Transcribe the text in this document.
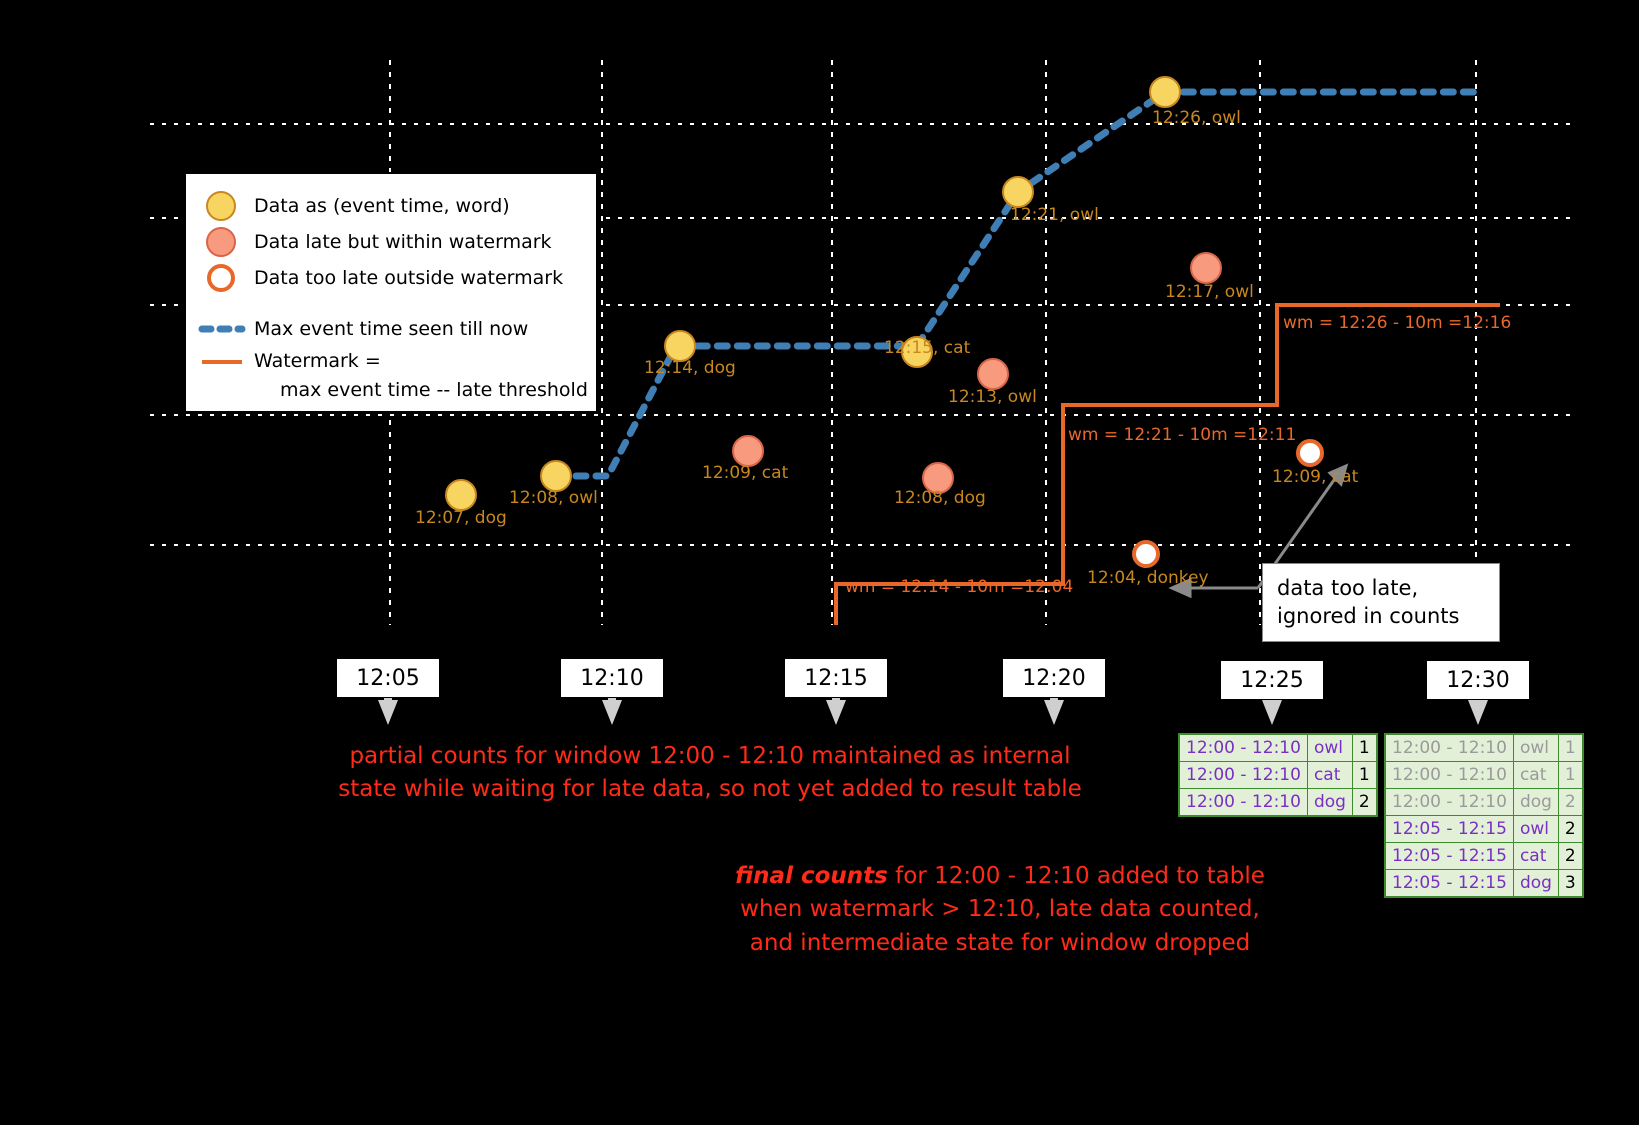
Data as (event time, word)
Data late but within watermark
Data too late outside watermark
Max event time seen till now
Watermark =
max event time -- late threshold
12:07, dog
12:08, owl
12:09, cat
12:14, dog
12:15, cat
12:08, dog
12:13, owl
12:21, owl
12:17, owl
12:26, owl
12:04, donkey
12:09, cat
wm = 12:14 - 10m =12:04
wm = 12:21 - 10m =12:11
wm = 12:26 - 10m =12:16
data too late,
ignored in counts
12:05	12:10	12:15	12:20	12:25	12:30
partial counts for window 12:00 - 12:10 maintained as internal
state while waiting for late data, so not yet added to result table
final counts for 12:00 - 12:10 added to table
when watermark > 12:10, late data counted,
and intermediate state for window dropped
12:00 - 12:10	owl	1
12:00 - 12:10	cat	1
12:00 - 12:10	dog	2
12:00 - 12:10	owl	1
12:00 - 12:10	cat	1
12:00 - 12:10	dog	2
12:05 - 12:15	owl	2
12:05 - 12:15	cat	2
12:05 - 12:15	dog	3
